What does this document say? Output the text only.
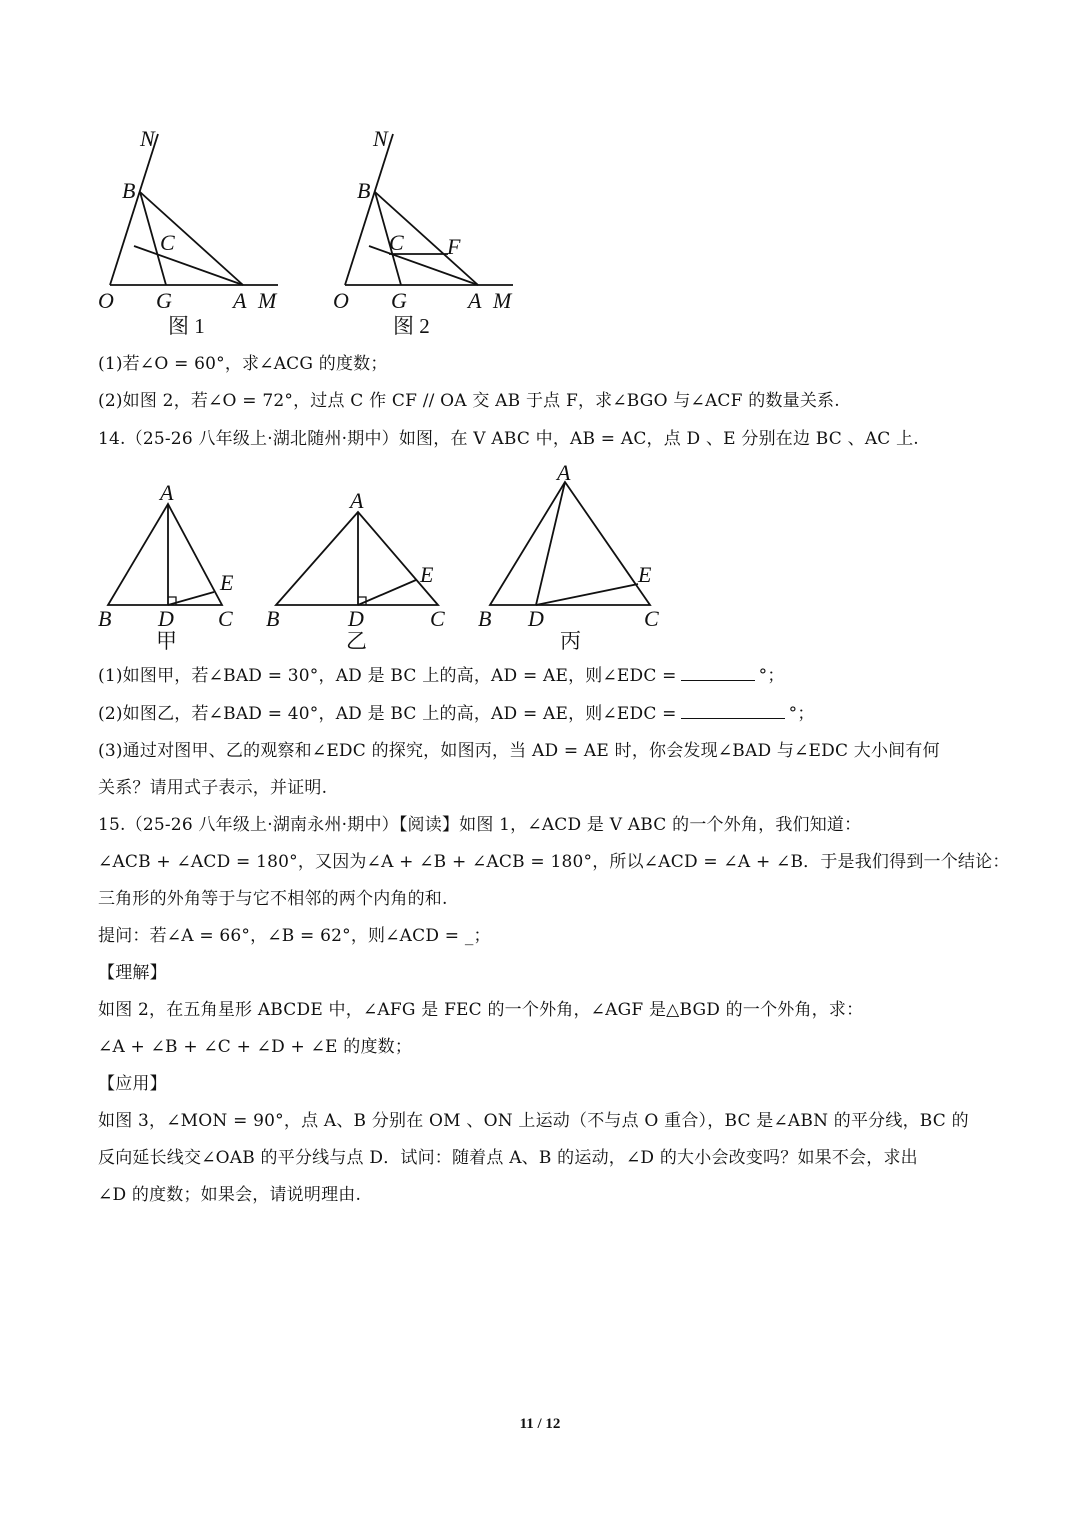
N
B
C
O G	A M
图 1
N
B
C F
O G	A M
图 2
(1)若∠O = 60°，求∠ACG 的度数；
(2)如图 2，若∠O = 72°，过点 C 作 CF // OA 交 AB 于点 F，求∠BGO 与∠ACF 的数量关系.
14.（25-26 八年级上·湖北随州·期中）如图，在 V ABC 中，AB = AC，点 D 、E 分别在边 BC 、AC 上.
A
B D C
E
甲
A
B	D	C
E
乙
A
B D	C
E
丙
(1)如图甲，若∠BAD = 30°，AD 是 BC 上的高，AD = AE，则∠EDC =	°；
(2)如图乙，若∠BAD = 40°，AD 是 BC 上的高，AD = AE，则∠EDC =	°；
(3)通过对图甲、乙的观察和∠EDC 的探究，如图丙，当 AD = AE 时，你会发现∠BAD 与∠EDC 大小间有何
关系？请用式子表示，并证明.
15.（25-26 八年级上·湖南永州·期中）【阅读】如图 1，∠ACD 是 V ABC 的一个外角，我们知道：
∠ACB + ∠ACD = 180°，又因为∠A + ∠B + ∠ACB = 180°，所以∠ACD = ∠A + ∠B．于是我们得到一个结论：
三角形的外角等于与它不相邻的两个内角的和.
提问：若∠A = 66°，∠B = 62°，则∠ACD = _；
【理解】
如图 2，在五角星形 ABCDE 中，∠AFG 是 FEC 的一个外角，∠AGF 是△BGD 的一个外角，求：
∠A + ∠B + ∠C + ∠D + ∠E 的度数；
【应用】
如图 3，∠MON = 90°，点 A、B 分别在 OM 、ON 上运动（不与点 O 重合），BC 是∠ABN 的平分线，BC 的
反向延长线交∠OAB 的平分线与点 D．试问：随着点 A、B 的运动，∠D 的大小会改变吗？如果不会，求出
∠D 的度数；如果会，请说明理由.
11 / 12
